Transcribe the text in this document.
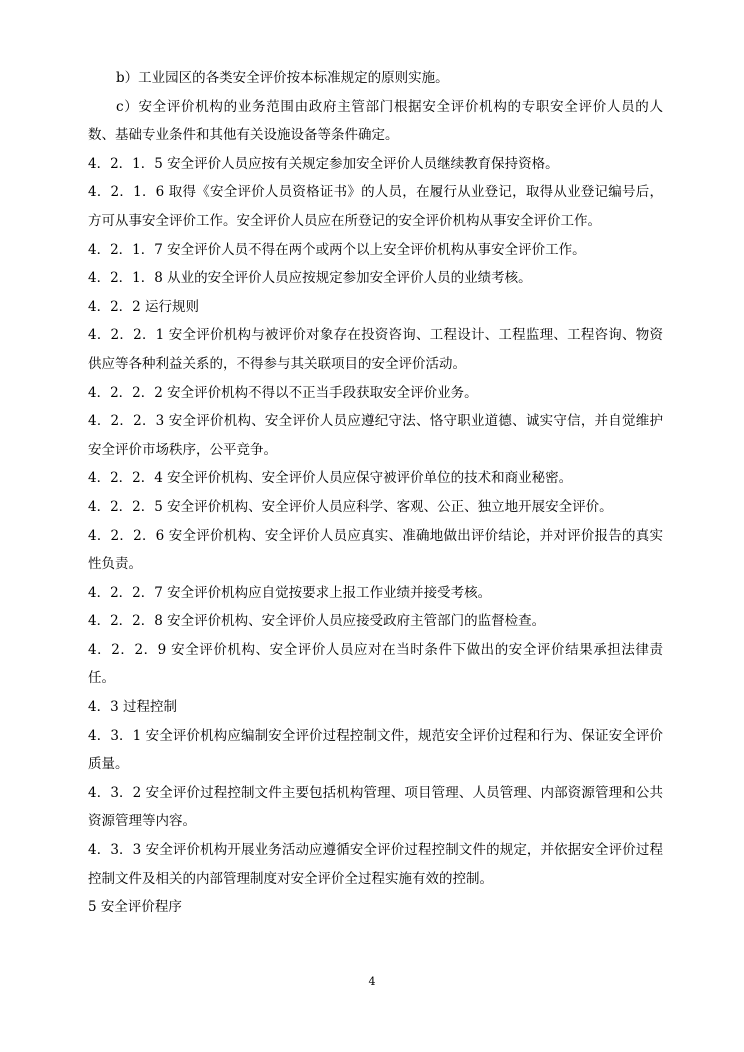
b）工业园区的各类安全评价按本标准规定的原则实施。

c）安全评价机构的业务范围由政府主管部门根据安全评价机构的专职安全评价人员的人数、基础专业条件和其他有关设施设备等条件确定。

4．2．1．5 安全评价人员应按有关规定参加安全评价人员继续教育保持资格。

4．2．1．6 取得《安全评价人员资格证书》的人员，在履行从业登记，取得从业登记编号后，方可从事安全评价工作。安全评价人员应在所登记的安全评价机构从事安全评价工作。

4．2．1．7 安全评价人员不得在两个或两个以上安全评价机构从事安全评价工作。

4．2．1．8 从业的安全评价人员应按规定参加安全评价人员的业绩考核。

4．2．2 运行规则

4．2．2．1 安全评价机构与被评价对象存在投资咨询、工程设计、工程监理、工程咨询、物资供应等各种利益关系的，不得参与其关联项目的安全评价活动。

4．2．2．2 安全评价机构不得以不正当手段获取安全评价业务。

4．2．2．3 安全评价机构、安全评价人员应遵纪守法、恪守职业道德、诚实守信，并自觉维护安全评价市场秩序，公平竞争。

4．2．2．4 安全评价机构、安全评价人员应保守被评价单位的技术和商业秘密。

4．2．2．5 安全评价机构、安全评价人员应科学、客观、公正、独立地开展安全评价。

4．2．2．6 安全评价机构、安全评价人员应真实、准确地做出评价结论，并对评价报告的真实性负责。

4．2．2．7 安全评价机构应自觉按要求上报工作业绩并接受考核。

4．2．2．8 安全评价机构、安全评价人员应接受政府主管部门的监督检查。

4．2．2．9 安全评价机构、安全评价人员应对在当时条件下做出的安全评价结果承担法律责任。

4．3 过程控制

4．3．1 安全评价机构应编制安全评价过程控制文件，规范安全评价过程和行为、保证安全评价质量。

4．3．2 安全评价过程控制文件主要包括机构管理、项目管理、人员管理、内部资源管理和公共资源管理等内容。

4．3．3 安全评价机构开展业务活动应遵循安全评价过程控制文件的规定，并依据安全评价过程控制文件及相关的内部管理制度对安全评价全过程实施有效的控制。

5 安全评价程序

4
